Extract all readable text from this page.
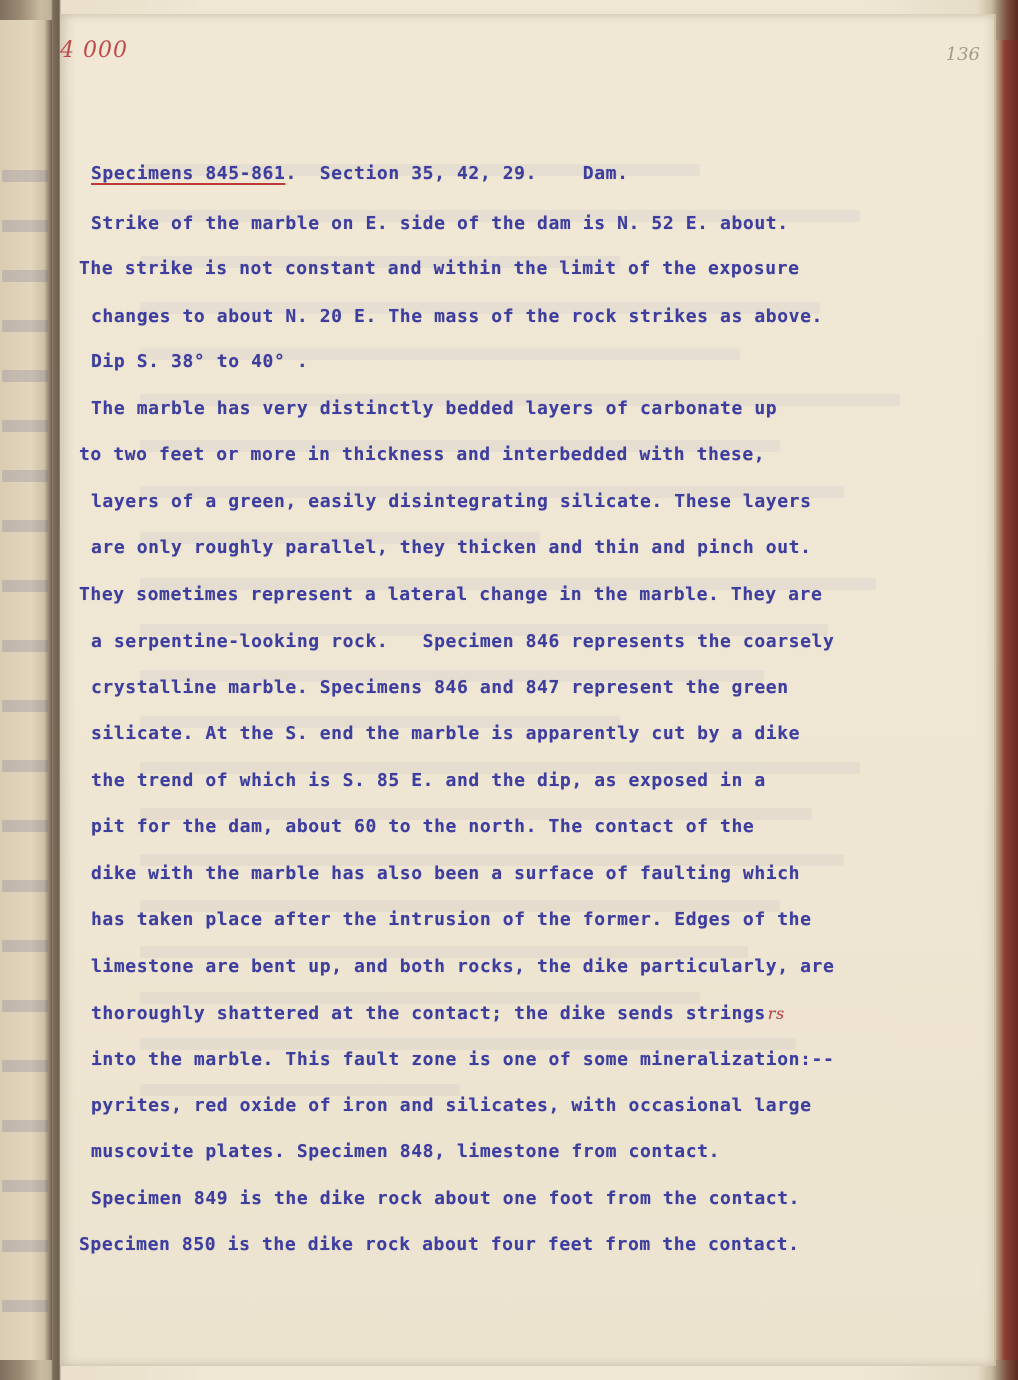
4 000	136
Specimens 845-861.  Section 35, 42, 29.    Dam.
Strike of the marble on E. side of the dam is N. 52 E. about.
The strike is not constant and within the limit of the exposure
changes to about N. 20 E. The mass of the rock strikes as above.
Dip S. 38° to 40° .
The marble has very distinctly bedded layers of carbonate up
to two feet or more in thickness and interbedded with these,
layers of a green, easily disintegrating silicate. These layers
are only roughly parallel, they thicken and thin and pinch out.
They sometimes represent a lateral change in the marble. They are
a serpentine-looking rock.   Specimen 846 represents the coarsely
crystalline marble. Specimens 846 and 847 represent the green
silicate. At the S. end the marble is apparently cut by a dike
the trend of which is S. 85 E. and the dip, as exposed in a
pit for the dam, about 60 to the north. The contact of the
dike with the marble has also been a surface of faulting which
has taken place after the intrusion of the former. Edges of the
limestone are bent up, and both rocks, the dike particularly, are
thoroughly shattered at the contact; the dike sends strings rs
into the marble. This fault zone is one of some mineralization:--
pyrites, red oxide of iron and silicates, with occasional large
muscovite plates. Specimen 848, limestone from contact.
Specimen 849 is the dike rock about one foot from the contact.
Specimen 850 is the dike rock about four feet from the contact.
